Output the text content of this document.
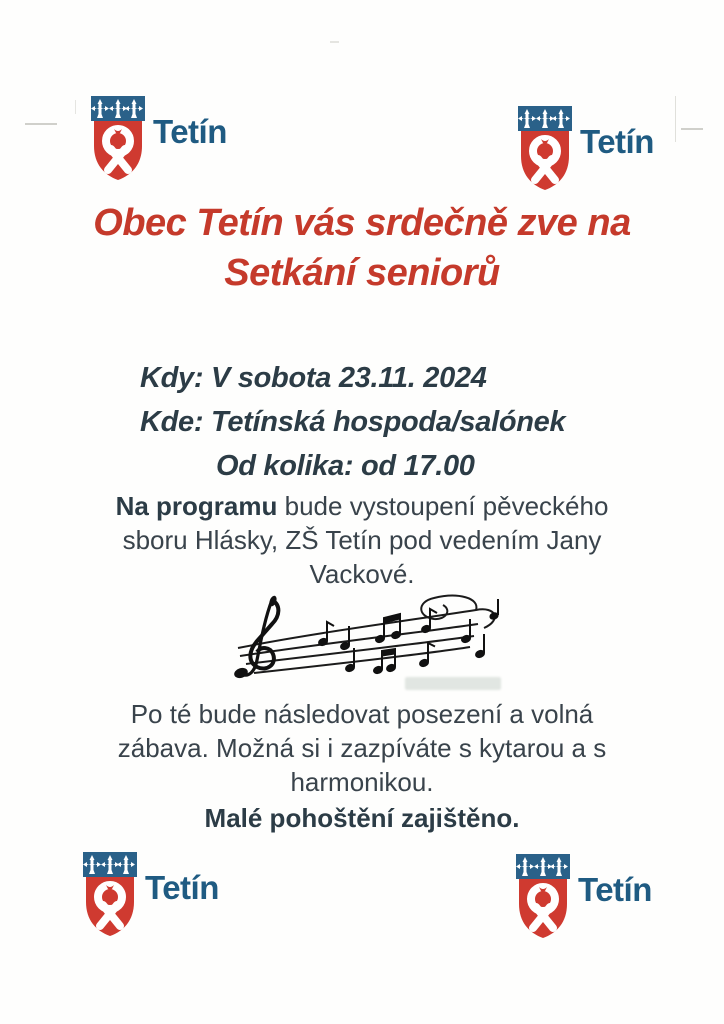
Tetín	Tetín
Obec Tetín vás srdečně zve na
Setkání seniorů
Kdy: V sobota 23.11. 2024
Kde: Tetínská hospoda/salónek
Od kolika: od 17.00
Na programu bude vystoupení pěveckého
sboru Hlásky, ZŠ Tetín pod vedením Jany
Vackové.
Po té bude následovat posezení a volná
zábava. Možná si i zazpíváte s kytarou a s
harmonikou.
Malé pohoštění zajištěno.
Tetín	Tetín
